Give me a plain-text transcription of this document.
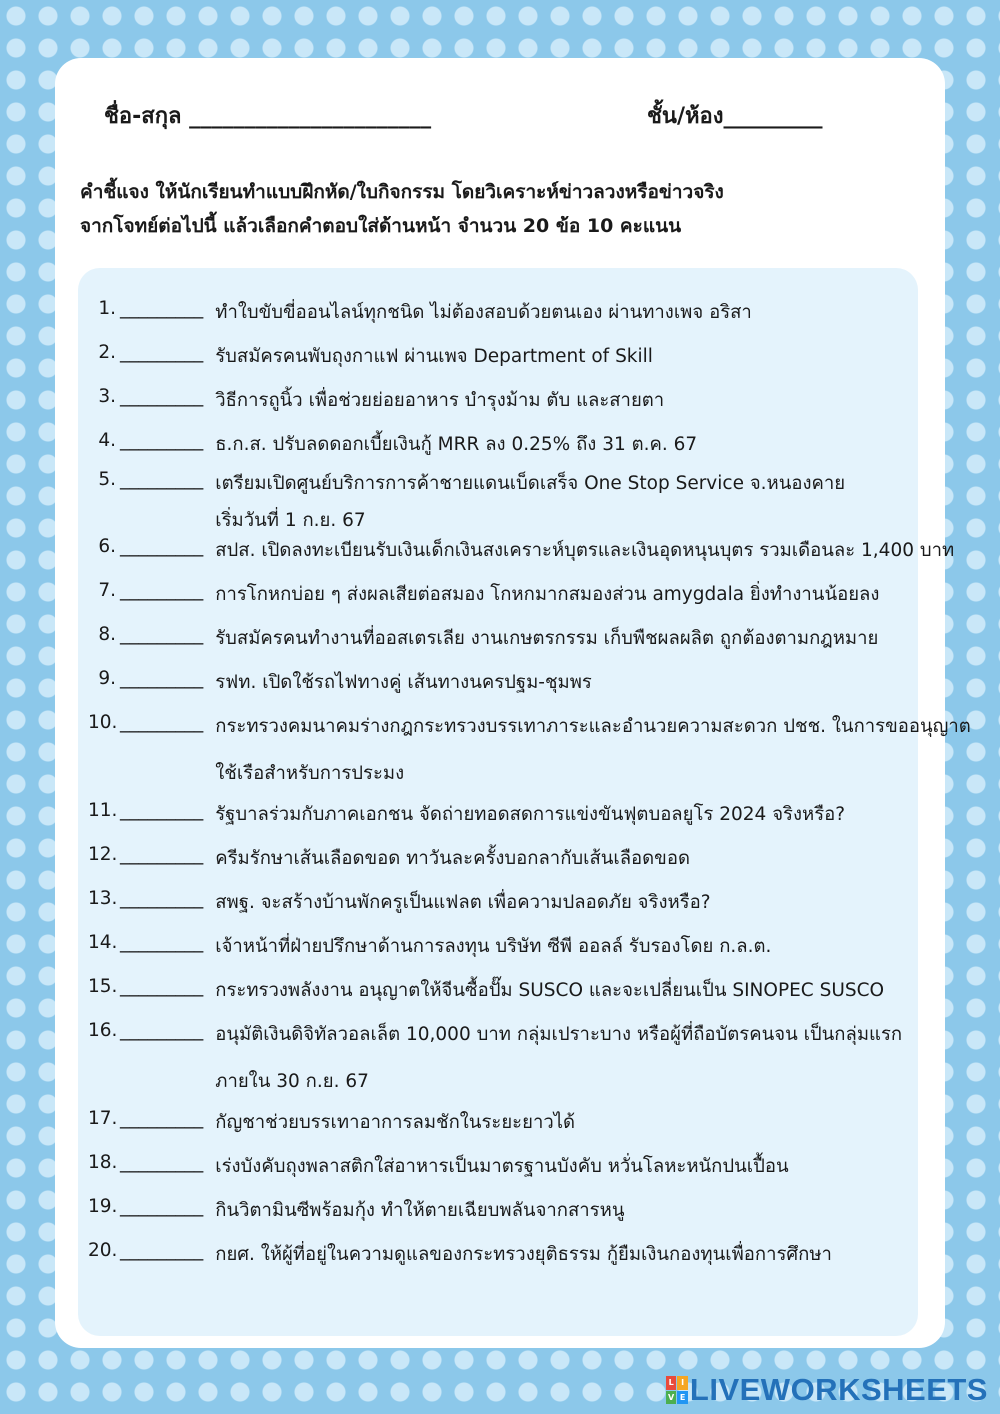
ชื่อ-สกุล ______________________	ชั้น/ห้อง_________
คำชี้แจง ให้นักเรียนทำแบบฝึกหัด/ใบกิจกรรม โดยวิเคราะห์ข่าวลวงหรือข่าวจริง
จากโจทย์ต่อไปนี้ แล้วเลือกคำตอบใส่ด้านหน้า จำนวน 20 ข้อ 10 คะแนน
1. _________ ทำใบขับขี่ออนไลน์ทุกชนิด ไม่ต้องสอบด้วยตนเอง ผ่านทางเพจ อริสา
2. _________ รับสมัครคนพับถุงกาแฟ ผ่านเพจ Department of Skill
3. _________ วิธีการถูนิ้ว เพื่อช่วยย่อยอาหาร บำรุงม้าม ตับ และสายตา
4. _________ ธ.ก.ส. ปรับลดดอกเบี้ยเงินกู้ MRR ลง 0.25% ถึง 31 ต.ค. 67
5. _________ เตรียมเปิดศูนย์บริการการค้าชายแดนเบ็ดเสร็จ One Stop Service จ.หนองคาย
เริ่มวันที่ 1 ก.ย. 67
6. _________ สปส. เปิดลงทะเบียนรับเงินเด็กเงินสงเคราะห์บุตรและเงินอุดหนุนบุตร รวมเดือนละ 1,400 บาท
7. _________ การโกหกบ่อย ๆ ส่งผลเสียต่อสมอง โกหกมากสมองส่วน amygdala ยิ่งทำงานน้อยลง
8. _________ รับสมัครคนทำงานที่ออสเตรเลีย งานเกษตรกรรม เก็บพืชผลผลิต ถูกต้องตามกฎหมาย
9. _________ รฟท. เปิดใช้รถไฟทางคู่ เส้นทางนครปฐม-ชุมพร
10. _________ กระทรวงคมนาคมร่างกฎกระทรวงบรรเทาภาระและอำนวยความสะดวก ปชช. ในการขออนุญาต
ใช้เรือสำหรับการประมง
11. _________ รัฐบาลร่วมกับภาคเอกชน จัดถ่ายทอดสดการแข่งขันฟุตบอลยูโร 2024 จริงหรือ?
12. _________ ครีมรักษาเส้นเลือดขอด ทาวันละครั้งบอกลากับเส้นเลือดขอด
13. _________ สพฐ. จะสร้างบ้านพักครูเป็นแฟลต เพื่อความปลอดภัย จริงหรือ?
14. _________ เจ้าหน้าที่ฝ่ายปรึกษาด้านการลงทุน บริษัท ซีพี ออลล์ รับรองโดย ก.ล.ต.
15. _________ กระทรวงพลังงาน อนุญาตให้จีนซื้อปั๊ม SUSCO และจะเปลี่ยนเป็น SINOPEC SUSCO
16. _________ อนุมัติเงินดิจิทัลวอลเล็ต 10,000 บาท กลุ่มเปราะบาง หรือผู้ที่ถือบัตรคนจน เป็นกลุ่มแรก
ภายใน 30 ก.ย. 67
17. _________ กัญชาช่วยบรรเทาอาการลมชักในระยะยาวได้
18. _________ เร่งบังคับถุงพลาสติกใส่อาหารเป็นมาตรฐานบังคับ หวั่นโลหะหนักปนเปื้อน
19. _________ กินวิตามินซีพร้อมกุ้ง ทำให้ตายเฉียบพลันจากสารหนู
20. _________ กยศ. ให้ผู้ที่อยู่ในความดูแลของกระทรวงยุติธรรม กู้ยืมเงินกองทุนเพื่อการศึกษา
L I
V E LIVEWORKSHEETS
